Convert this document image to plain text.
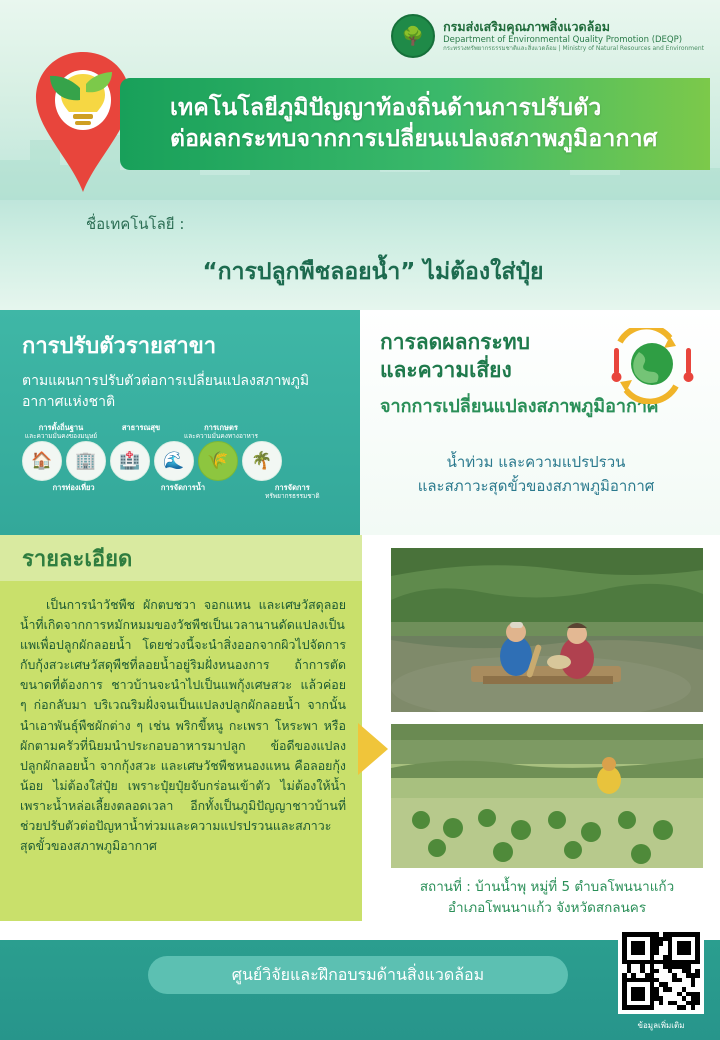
🌳	กรมส่งเสริมคุณภาพสิ่งแวดล้อม
Department of Environmental Quality Promotion (DEQP)
กระทรวงทรัพยากรธรรมชาติและสิ่งแวดล้อม | Ministry of Natural Resources and Environment
เทคโนโลยีภูมิปัญญาท้องถิ่นด้านการปรับตัว
ต่อผลกระทบจากการเปลี่ยนแปลงสภาพภูมิอากาศ
ชื่อเทคโนโลยี :
“การปลูกพืชลอยน้ำ” ไม่ต้องใส่ปุ๋ย
การปรับตัวรายสาขา

ตามแผนการปรับตัวต่อการเปลี่ยนแปลงสภาพภูมิอากาศแห่งชาติ

การตั้งถิ่นฐาน
และความมั่นคงของมนุษย์
สาธารณสุข	การเกษตร
และความมั่นคงทางอาหาร
🏠	🏢	🏥	🌊	🌾	🌴
การท่องเที่ยว	การจัดการน้ำ	การจัดการ
ทรัพยากรธรรมชาติ
การลดผลกระทบ
และความเสี่ยง
จากการเปลี่ยนแปลงสภาพภูมิอากาศ
น้ำท่วม และความแปรปรวน
และสภาวะสุดขั้วของสภาพภูมิอากาศ
รายละเอียด

เป็นการนำวัชพืช ผักตบชวา จอกแหน และเศษวัสดุลอยน้ำที่เกิดจากการหมักหมมของวัชพืชเป็นเวลานานดัดแปลงเป็นแพเพื่อปลูกผักลอยน้ำ โดยช่วงนี้จะนำสิ่งออกจากผิวไปจัดการกับกุ้งสวะเศษวัสดุพืชที่ลอยน้ำอยู่ริมฝั่งหนองการ ถ้าการตัดขนาดที่ต้องการ ชาวบ้านจะนำไปเป็นแพกุ้งเศษสวะ แล้วค่อย ๆ ก่อกลับมา บริเวณริมฝั่งจนเป็นแปลงปลูกผักลอยน้ำ จากนั้นนำเอาพันธุ์พืชผักต่าง ๆ เช่น พริกขี้หนู กะเพรา โหระพา หรือผักตามครัวที่นิยมนำประกอบอาหารมาปลูก ข้อดีของแปลงปลูกผักลอยน้ำ จากกุ้งสวะ และเศษวัชพืชหนองแหน คือลอยกุ้งน้อย ไม่ต้องใส่ปุ๋ย เพราะปุ๋ยปุ๋ยจับกร่อนเข้าตัว ไม่ต้องให้น้ำ เพราะน้ำหล่อเลี้ยงตลอดเวลา อีกทั้งเป็นภูมิปัญญาชาวบ้านที่ช่วยปรับตัวต่อปัญหาน้ำท่วมและความแปรปรวนและสภาวะสุดขั้วของสภาพภูมิอากาศ

สถานที่ : บ้านน้ำพุ หมู่ที่ 5 ตำบลโพนนาแก้ว
อำเภอโพนนาแก้ว จังหวัดสกลนคร
ศูนย์วิจัยและฝึกอบรมด้านสิ่งแวดล้อม
ข้อมูลเพิ่มเติม
